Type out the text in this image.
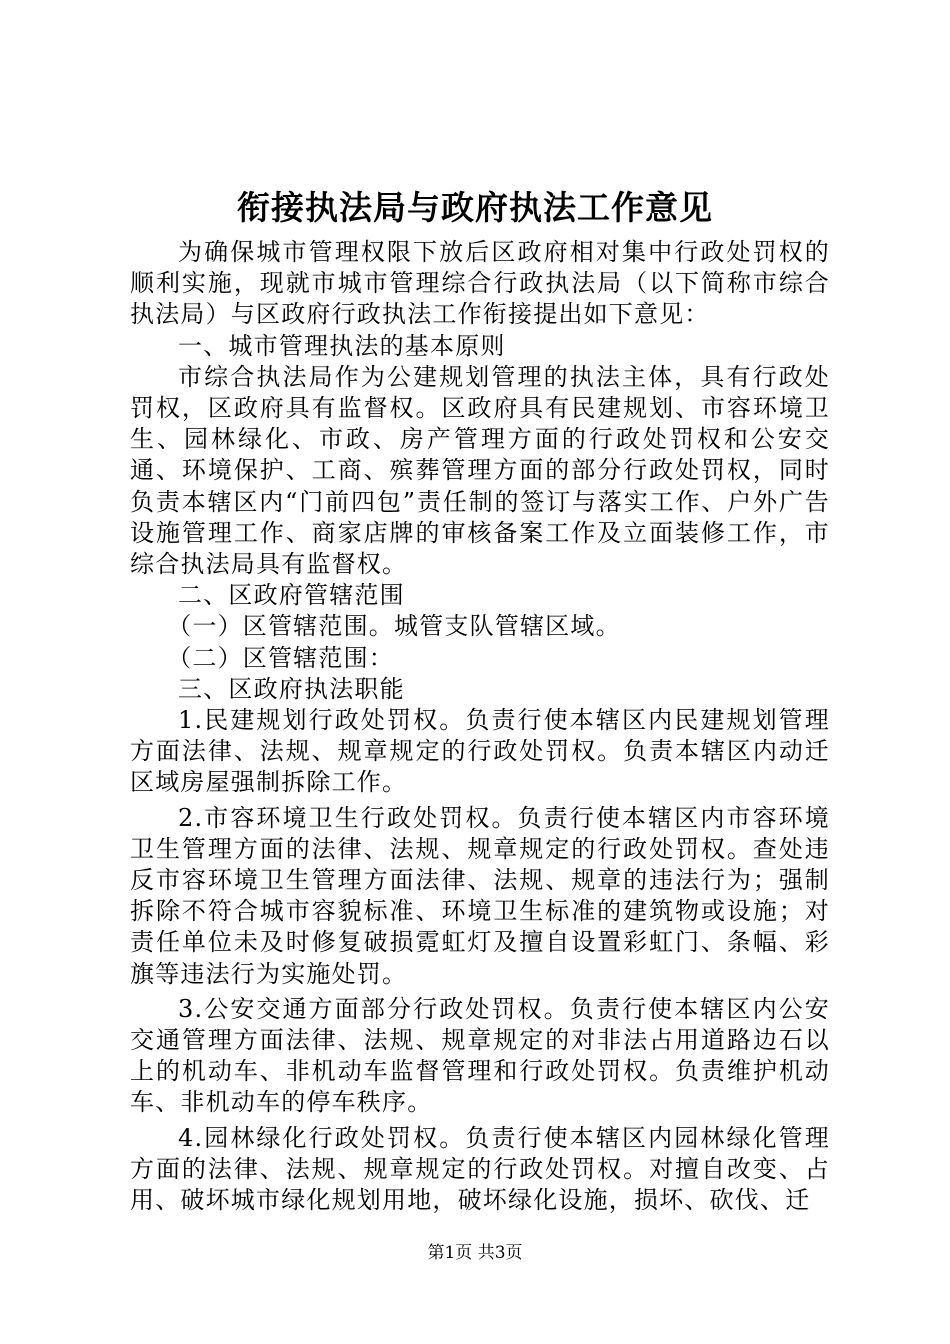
衔接执法局与政府执法工作意见

为确保城市管理权限下放后区政府相对集中行政处罚权的顺利实施，现就市城市管理综合行政执法局（以下简称市综合执法局）与区政府行政执法工作衔接提出如下意见：

一、城市管理执法的基本原则

市综合执法局作为公建规划管理的执法主体，具有行政处罚权，区政府具有监督权。区政府具有民建规划、市容环境卫生、园林绿化、市政、房产管理方面的行政处罚权和公安交通、环境保护、工商、殡葬管理方面的部分行政处罚权，同时负责本辖区内“门前四包”责任制的签订与落实工作、户外广告设施管理工作、商家店牌的审核备案工作及立面装修工作，市综合执法局具有监督权。

二、区政府管辖范围

（一）区管辖范围。城管支队管辖区域。

（二）区管辖范围：

三、区政府执法职能

1.民建规划行政处罚权。负责行使本辖区内民建规划管理方面法律、法规、规章规定的行政处罚权。负责本辖区内动迁区域房屋强制拆除工作。

2.市容环境卫生行政处罚权。负责行使本辖区内市容环境卫生管理方面的法律、法规、规章规定的行政处罚权。查处违反市容环境卫生管理方面法律、法规、规章的违法行为；强制拆除不符合城市容貌标准、环境卫生标准的建筑物或设施；对责任单位未及时修复破损霓虹灯及擅自设置彩虹门、条幅、彩旗等违法行为实施处罚。

3.公安交通方面部分行政处罚权。负责行使本辖区内公安交通管理方面法律、法规、规章规定的对非法占用道路边石以上的机动车、非机动车监督管理和行政处罚权。负责维护机动车、非机动车的停车秩序。

4.园林绿化行政处罚权。负责行使本辖区内园林绿化管理方面的法律、法规、规章规定的行政处罚权。对擅自改变、占用、破坏城市绿化规划用地，破坏绿化设施，损坏、砍伐、迁

第1页 共3页
